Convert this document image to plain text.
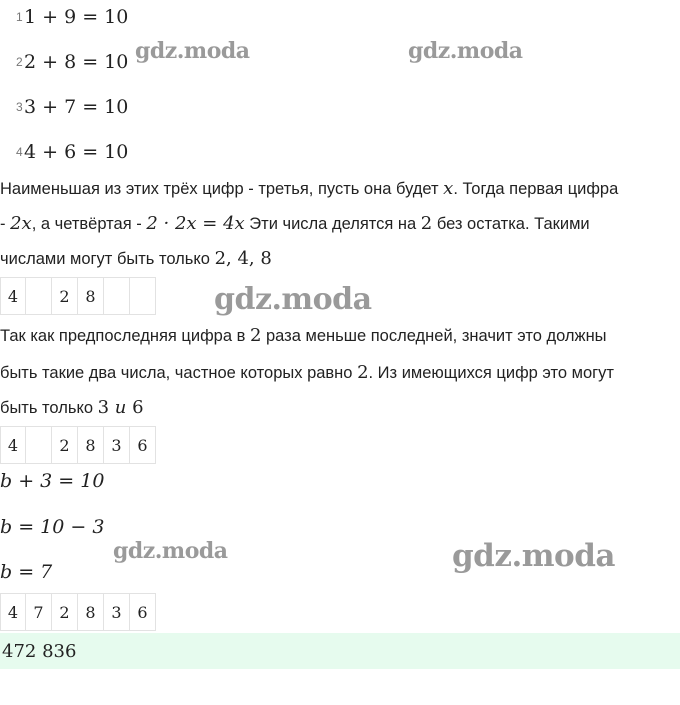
1 1 + 9 = 10
2 2 + 8 = 10
3 3 + 7 = 10
4 4 + 6 = 10
Наименьшая из этих трёх цифр - третья, пусть она будет x. Тогда первая цифра
- 2x, а четвёртая - 2 · 2x = 4x Эти числа делятся на 2 без остатка. Такими
числами могут быть только 2, 4, 8
4	2 8
Так как предпоследняя цифра в 2 раза меньше последней, значит это должны
быть такие два числа, частное которых равно 2. Из имеющихся цифр это могут
быть только 3 и 6
4	2 8 3 6
b + 3 = 10
b = 10 − 3
b = 7
4 7 2 8 3 6
472 836
gdz.moda	gdz.moda
gdz.moda
gdz.moda	gdz.moda
